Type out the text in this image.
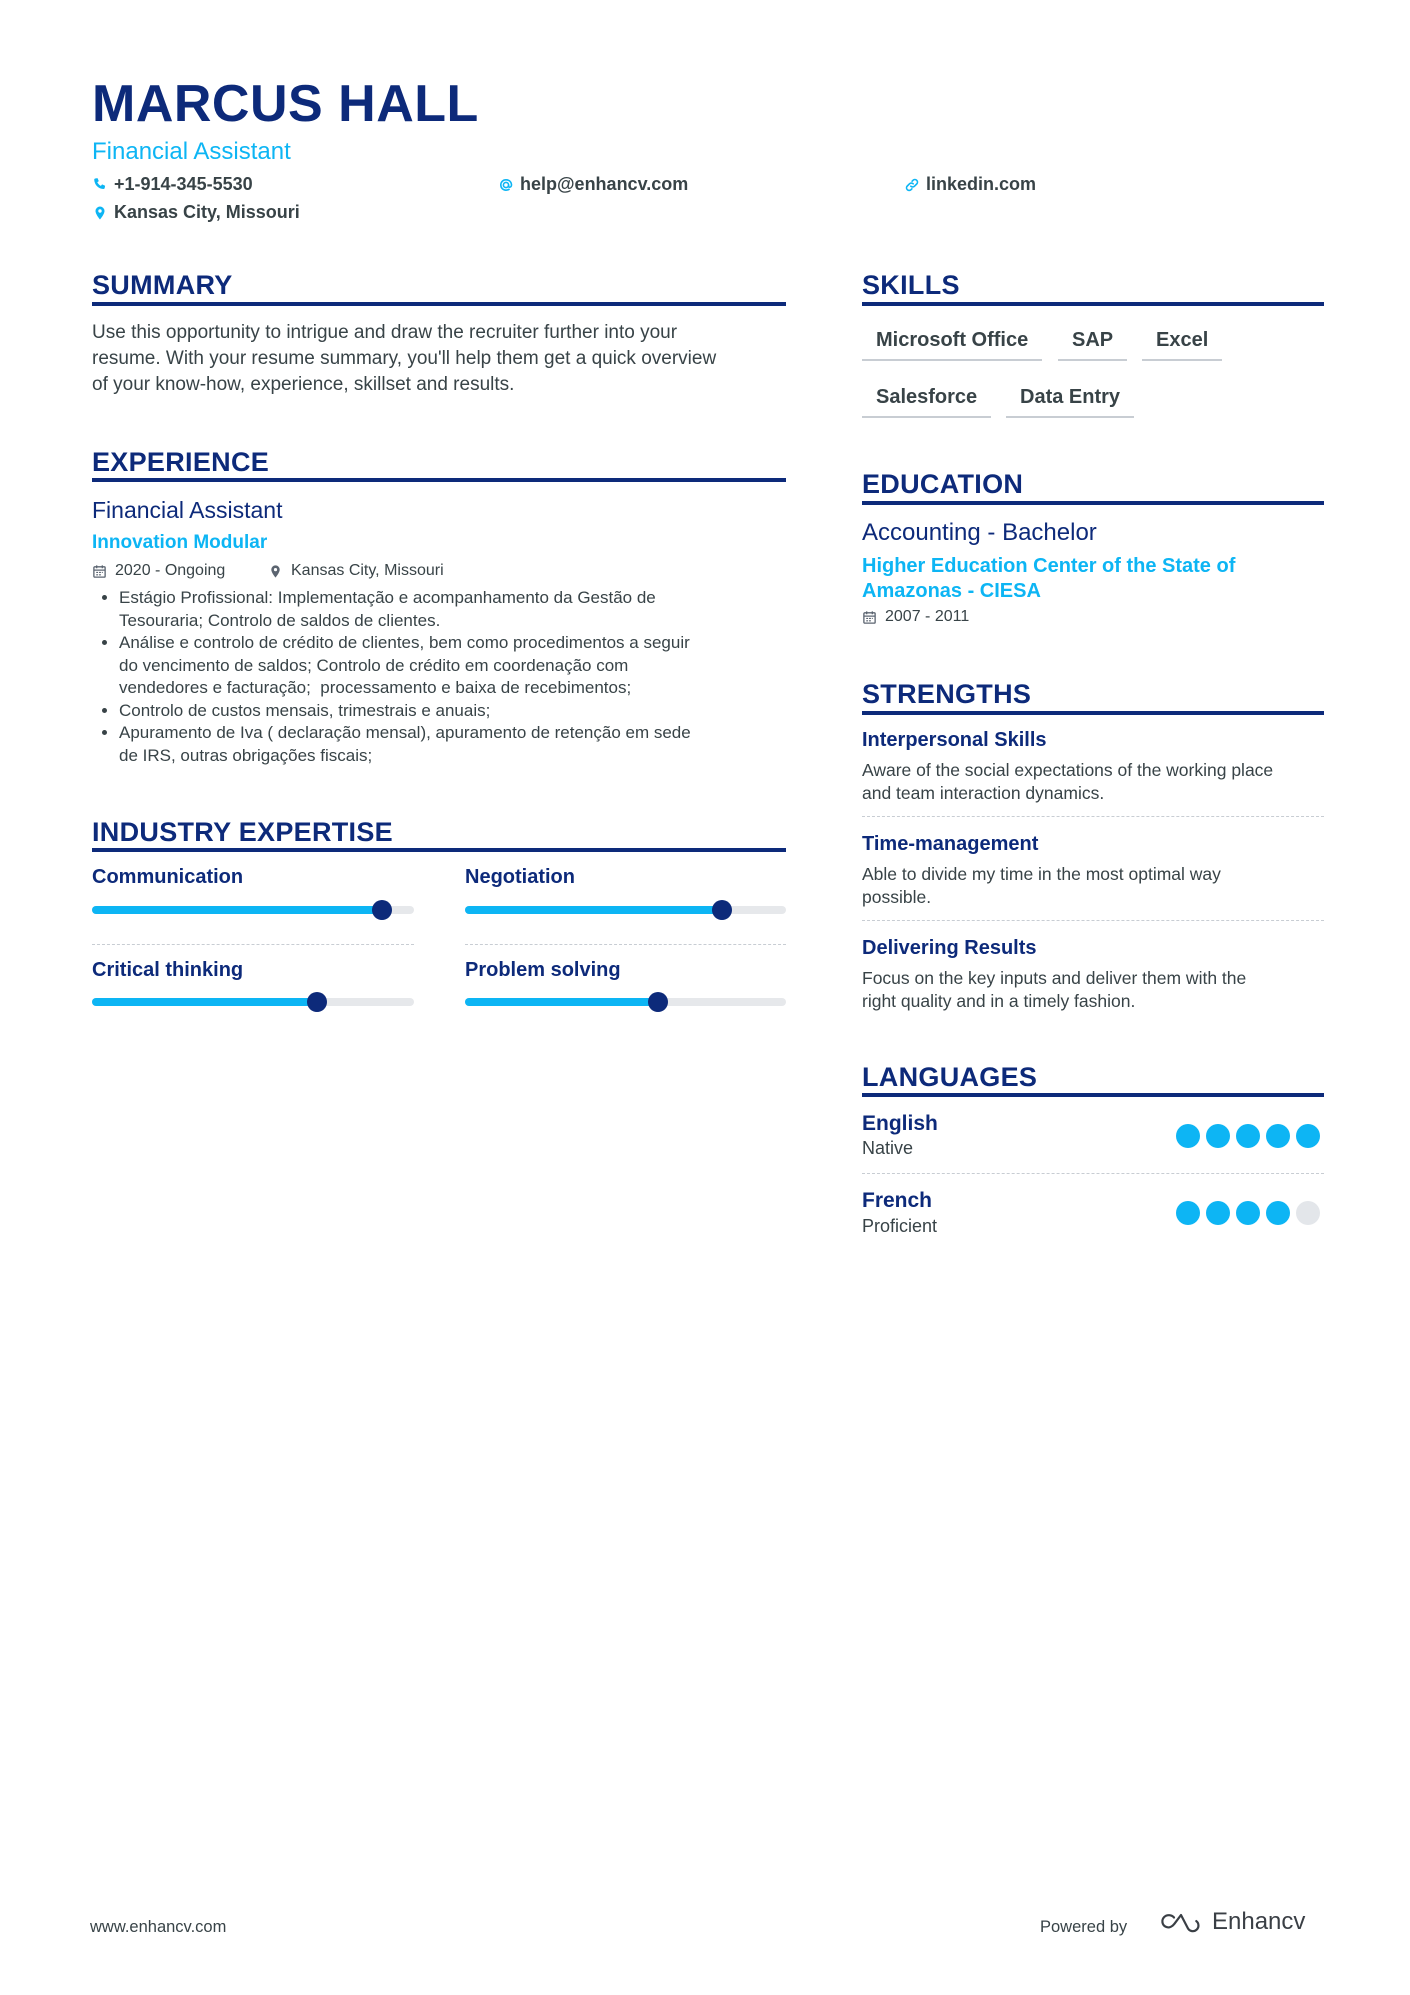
MARCUS HALL
Financial Assistant
+1-914-345-5530	help@enhancv.com	linkedin.com
Kansas City, Missouri
SUMMARY
Use this opportunity to intrigue and draw the recruiter further into your
resume. With your resume summary, you'll help them get a quick overview
of your know-how, experience, skillset and results.
EXPERIENCE
Financial Assistant
Innovation Modular
2020 - Ongoing	Kansas City, Missouri
• Estágio Profissional: Implementação e acompanhamento da Gestão de
Tesouraria; Controlo de saldos de clientes.
• Análise e controlo de crédito de clientes, bem como procedimentos a seguir
do vencimento de saldos; Controlo de crédito em coordenação com
vendedores e facturação;  processamento e baixa de recebimentos;
• Controlo de custos mensais, trimestrais e anuais;
• Apuramento de Iva ( declaração mensal), apuramento de retenção em sede
de IRS, outras obrigações fiscais;
INDUSTRY EXPERTISE
Communication	Negotiation
Critical thinking	Problem solving
SKILLS
Microsoft Office	SAP	Excel
Salesforce	Data Entry
EDUCATION
Accounting - Bachelor
Higher Education Center of the State of
Amazonas - CIESA
2007 - 2011
STRENGTHS
Interpersonal Skills
Aware of the social expectations of the working place
and team interaction dynamics.
Time-management
Able to divide my time in the most optimal way
possible.
Delivering Results
Focus on the key inputs and deliver them with the
right quality and in a timely fashion.
LANGUAGES
English
Native
French
Proficient
www.enhancv.com	Powered by	Enhancv
